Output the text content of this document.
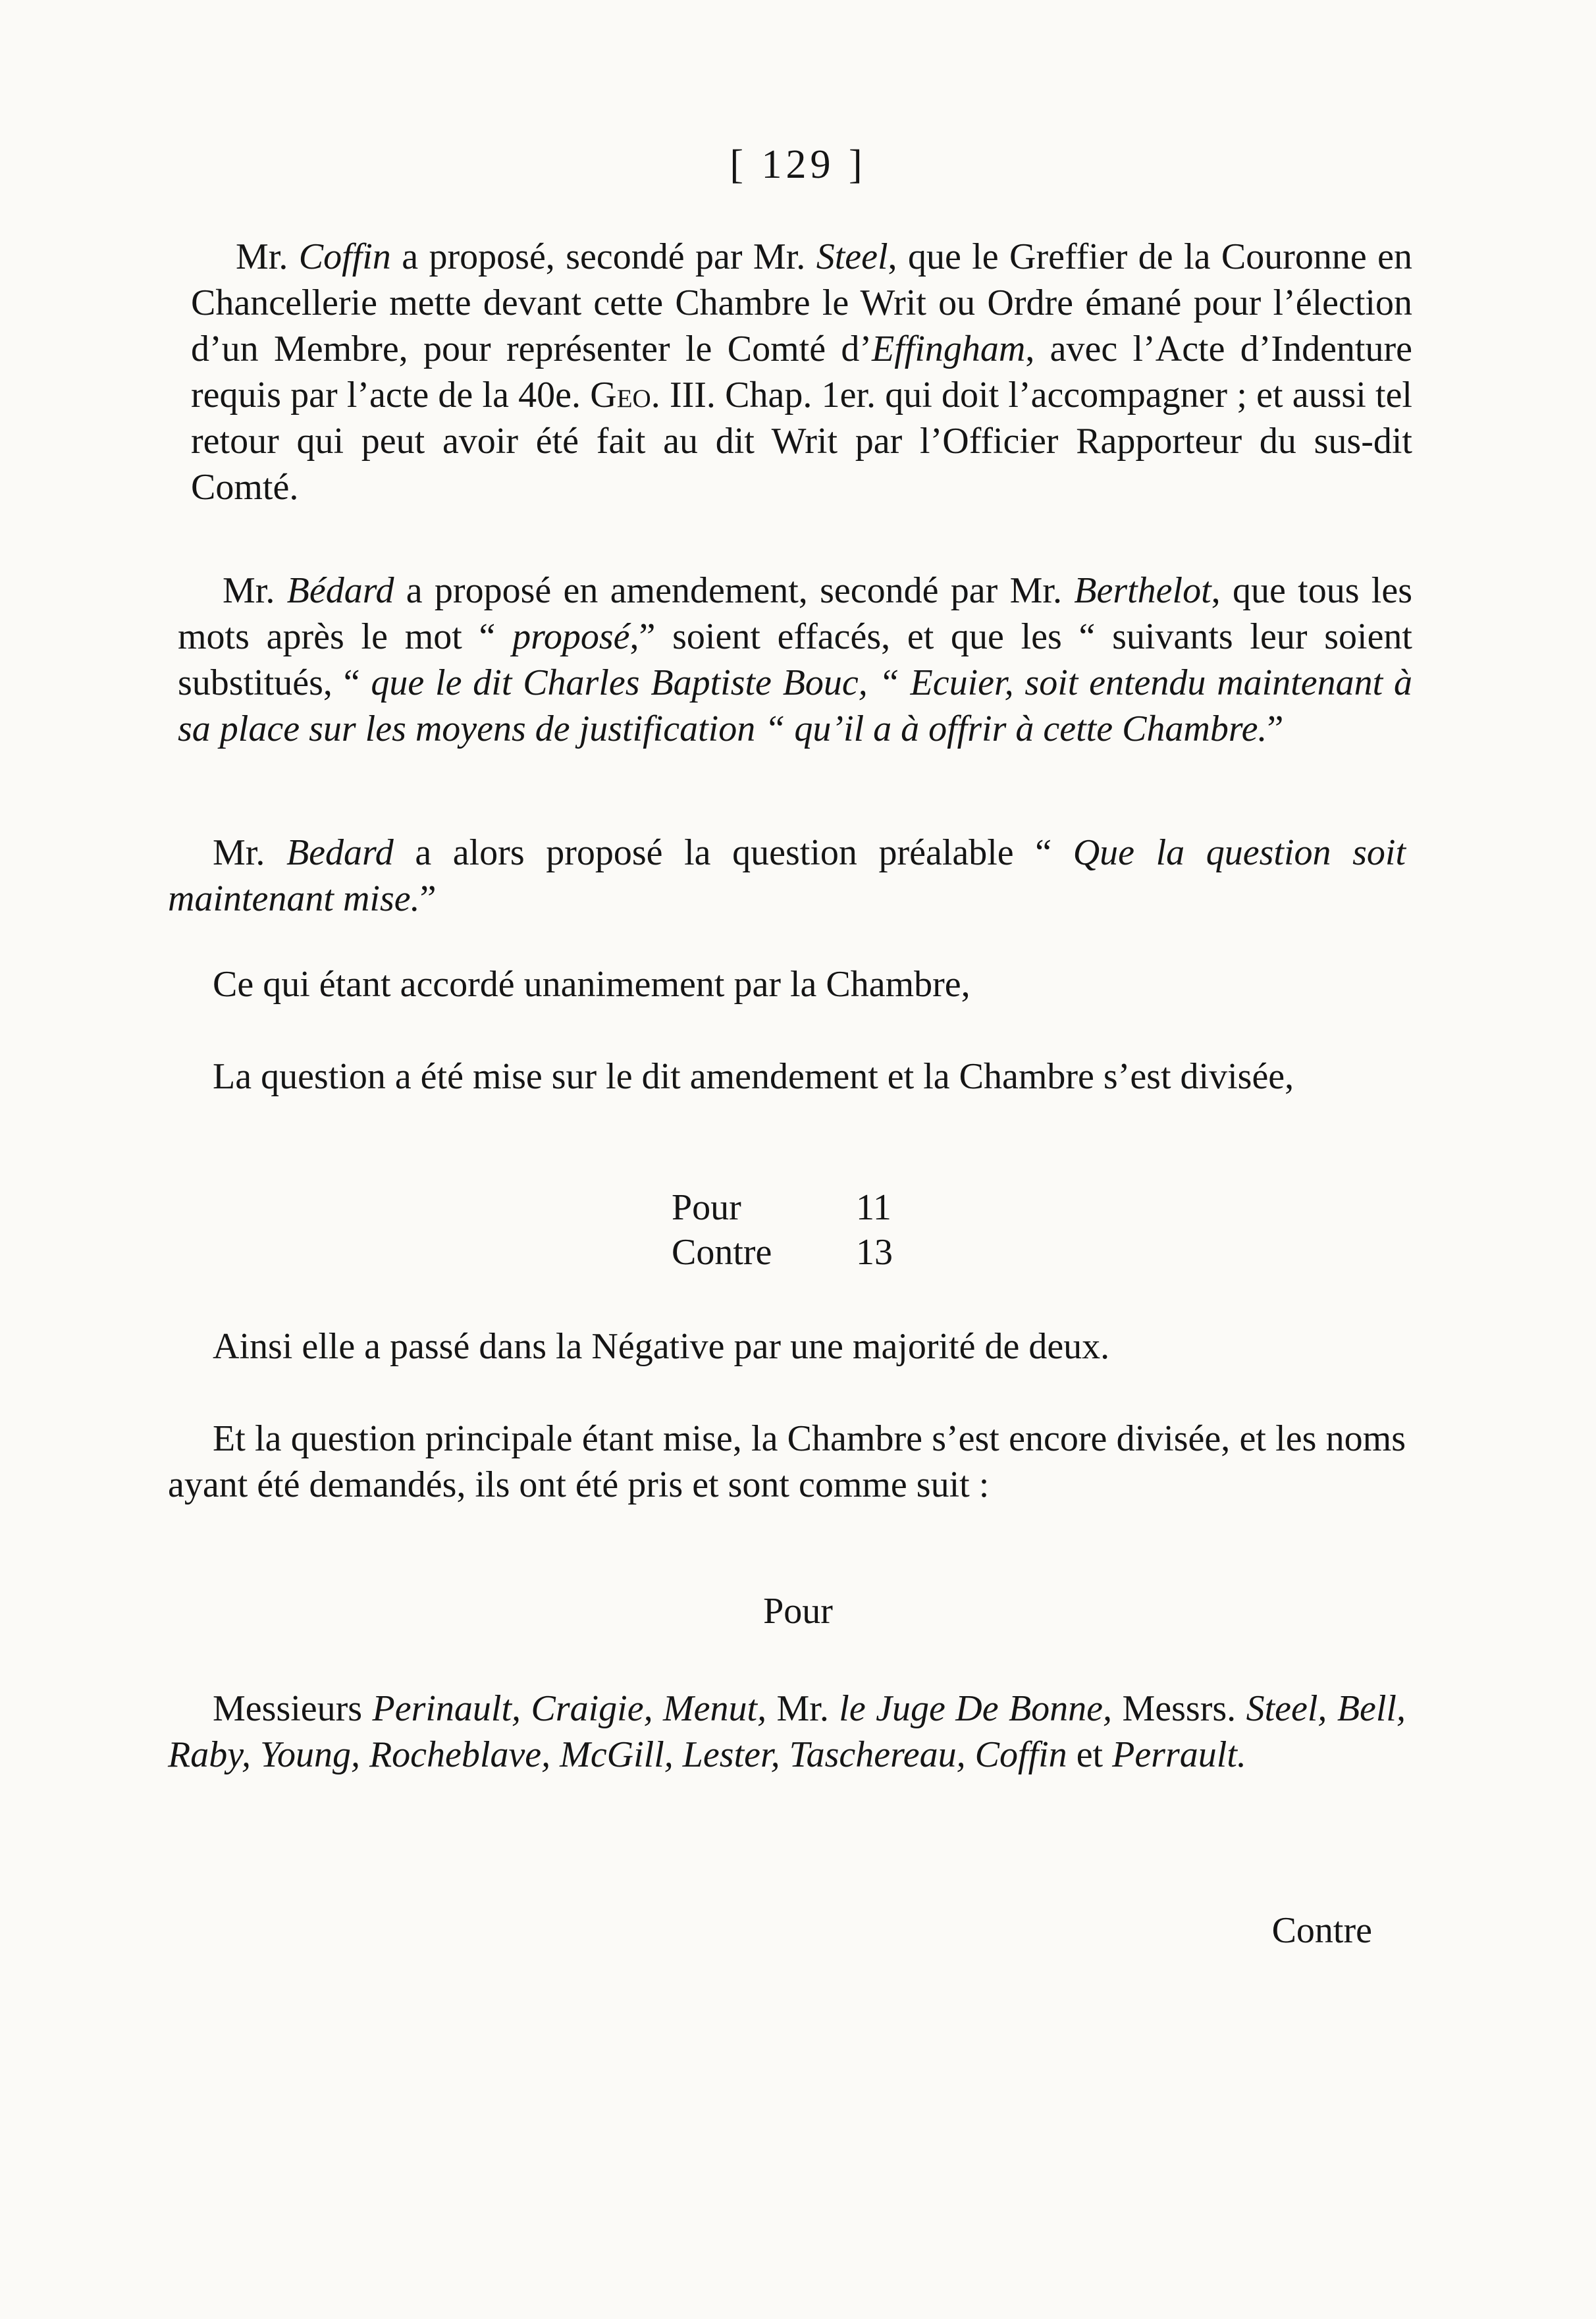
[ 129 ]

Mr. Coffin a proposé, secondé par Mr. Steel, que le Greffier de la Couronne en Chancellerie mette devant cette Chambre le Writ ou Ordre émané pour l’élection d’un Membre, pour représenter le Comté d’Effingham, avec l’Acte d’Indenture requis par l’acte de la 40e. Geo. III. Chap. 1er. qui doit l’accompagner ; et aussi tel retour qui peut avoir été fait au dit Writ par l’Officier Rapporteur du sus-dit Comté.

Mr. Bédard a proposé en amendement, secondé par Mr. Berthelot, que tous les mots après le mot “ proposé,” soient effacés, et que les “ suivants leur soient substitués, “ que le dit Charles Baptiste Bouc, “ Ecuier, soit entendu maintenant à sa place sur les moyens de justification “ qu’il a à offrir à cette Chambre.”

Mr. Bedard a alors proposé la question préalable “ Que la question soit maintenant mise.”

Ce qui étant accordé unanimement par la Chambre,

La question a été mise sur le dit amendement et la Chambre s’est divisée,

Pour	11
Contre	13

Ainsi elle a passé dans la Négative par une majorité de deux.

Et la question principale étant mise, la Chambre s’est encore divisée, et les noms ayant été demandés, ils ont été pris et sont comme suit :

Pour

Messieurs Perinault, Craigie, Menut, Mr. le Juge De Bonne, Messrs. Steel, Bell, Raby, Young, Rocheblave, McGill, Lester, Taschereau, Coffin et Perrault.

Contre
